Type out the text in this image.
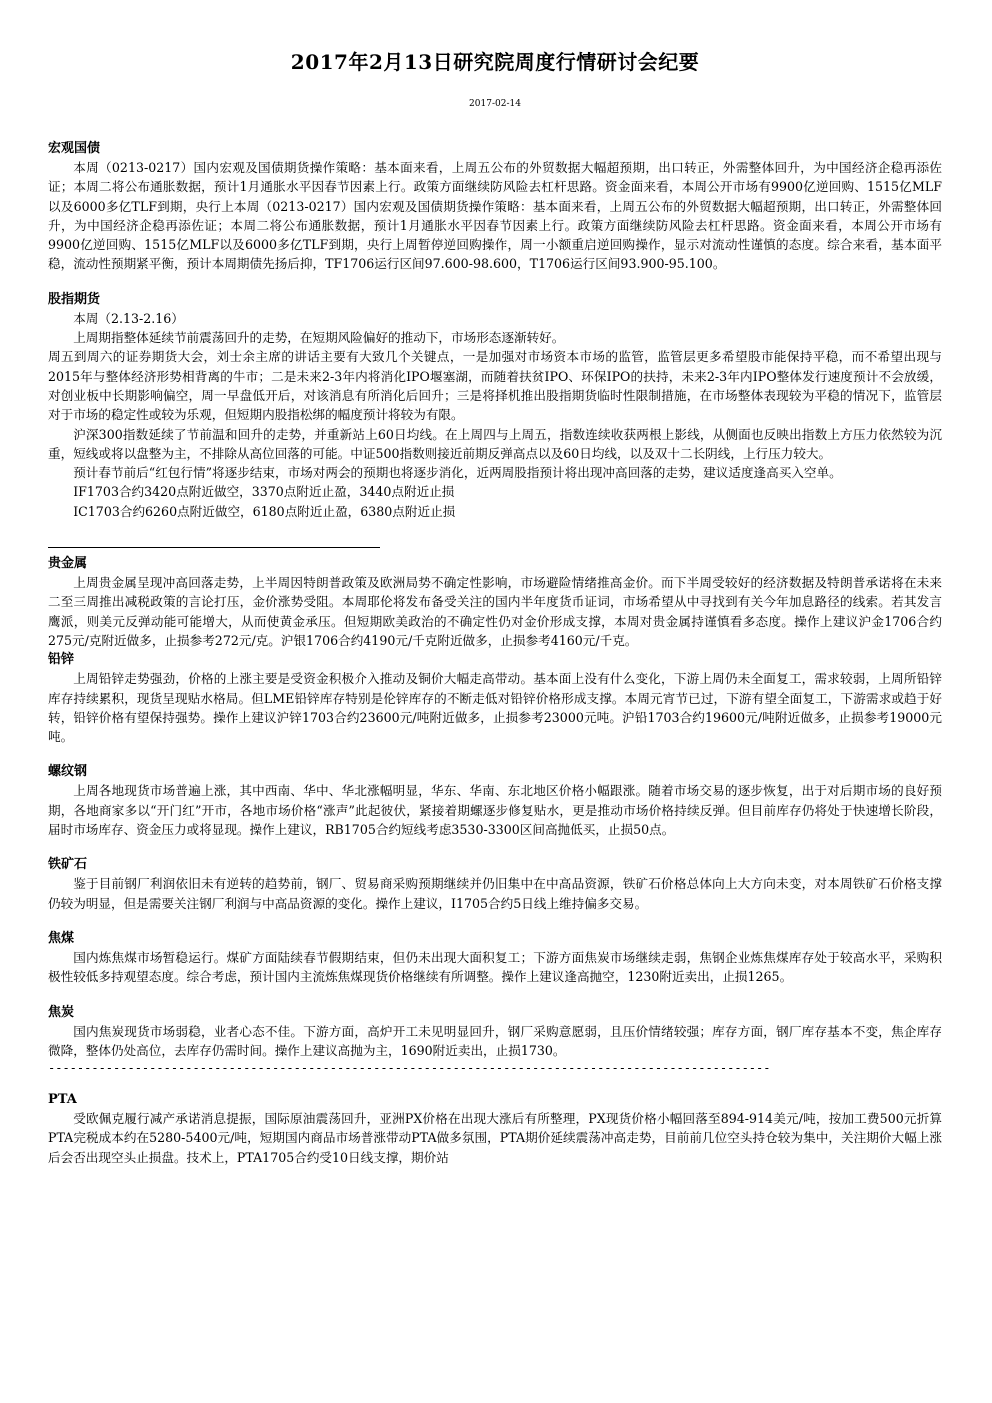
2017年2月13日研究院周度行情研讨会纪要
2017-02-14
宏观国债

本周（0213-0217）国内宏观及国债期货操作策略：基本面来看，上周五公布的外贸数据大幅超预期，出口转正，外需整体回升，为中国经济企稳再添佐证；本周二将公布通胀数据，预计1月通胀水平因春节因素上行。政策方面继续防风险去杠杆思路。资金面来看，本周公开市场有9900亿逆回购、1515亿MLF以及6000多亿TLF到期，央行上本周（0213-0217）国内宏观及国债期货操作策略：基本面来看，上周五公布的外贸数据大幅超预期，出口转正，外需整体回升，为中国经济企稳再添佐证；本周二将公布通胀数据，预计1月通胀水平因春节因素上行。政策方面继续防风险去杠杆思路。资金面来看，本周公开市场有9900亿逆回购、1515亿MLF以及6000多亿TLF到期，央行上周暂停逆回购操作，周一小额重启逆回购操作，显示对流动性谨慎的态度。综合来看，基本面平稳，流动性预期紧平衡，预计本周期债先扬后抑，TF1706运行区间97.600-98.600，T1706运行区间93.900-95.100。

股指期货

本周（2.13-2.16）

上周期指整体延续节前震荡回升的走势，在短期风险偏好的推动下，市场形态逐渐转好。

周五到周六的证券期货大会，刘士余主席的讲话主要有大致几个关键点，一是加强对市场资本市场的监管，监管层更多希望股市能保持平稳，而不希望出现与2015年与整体经济形势相背离的牛市；二是未来2-3年内将消化IPO堰塞湖，而随着扶贫IPO、环保IPO的扶持，未来2-3年内IPO整体发行速度预计不会放缓，对创业板中长期影响偏空，周一早盘低开后，对该消息有所消化后回升；三是将择机推出股指期货临时性限制措施，在市场整体表现较为平稳的情况下，监管层对于市场的稳定性或较为乐观，但短期内股指松绑的幅度预计将较为有限。

沪深300指数延续了节前温和回升的走势，并重新站上60日均线。在上周四与上周五，指数连续收获两根上影线，从侧面也反映出指数上方压力依然较为沉重，短线或将以盘整为主，不排除从高位回落的可能。中证500指数则接近前期反弹高点以及60日均线，以及双十二长阴线，上行压力较大。

预计春节前后“红包行情”将逐步结束，市场对两会的预期也将逐步消化，近两周股指预计将出现冲高回落的走势，建议适度逢高买入空单。

IF1703合约3420点附近做空，3370点附近止盈，3440点附近止损

IC1703合约6260点附近做空，6180点附近止盈，6380点附近止损

贵金属

上周贵金属呈现冲高回落走势，上半周因特朗普政策及欧洲局势不确定性影响，市场避险情绪推高金价。而下半周受较好的经济数据及特朗普承诺将在未来二至三周推出减税政策的言论打压，金价涨势受阻。本周耶伦将发布备受关注的国内半年度货币证词，市场希望从中寻找到有关今年加息路径的线索。若其发言鹰派，则美元反弹动能可能增大，从而使黄金承压。但短期欧美政治的不确定性仍对金价形成支撑，本周对贵金属持谨慎看多态度。操作上建议沪金1706合约275元/克附近做多，止损参考272元/克。沪银1706合约4190元/千克附近做多，止损参考4160元/千克。

铅锌

上周铅锌走势强劲，价格的上涨主要是受资金积极介入推动及铜价大幅走高带动。基本面上没有什么变化，下游上周仍未全面复工，需求较弱，上周所铅锌库存持续累积，现货呈现贴水格局。但LME铅锌库存特别是伦锌库存的不断走低对铅锌价格形成支撑。本周元宵节已过，下游有望全面复工，下游需求或趋于好转，铅锌价格有望保持强势。操作上建议沪锌1703合约23600元/吨附近做多，止损参考23000元吨。沪铅1703合约19600元/吨附近做多，止损参考19000元吨。

螺纹钢

上周各地现货市场普遍上涨，其中西南、华中、华北涨幅明显，华东、华南、东北地区价格小幅跟涨。随着市场交易的逐步恢复，出于对后期市场的良好预期，各地商家多以“开门红”开市，各地市场价格“涨声”此起彼伏，紧接着期螺逐步修复贴水，更是推动市场价格持续反弹。但目前库存仍将处于快速增长阶段，届时市场库存、资金压力或将显现。操作上建议，RB1705合约短线考虑3530-3300区间高抛低买，止损50点。

铁矿石

鉴于目前钢厂利润依旧未有逆转的趋势前，钢厂、贸易商采购预期继续并仍旧集中在中高品资源，铁矿石价格总体向上大方向未变，对本周铁矿石价格支撑仍较为明显，但是需要关注钢厂利润与中高品资源的变化。操作上建议，I1705合约5日线上维持偏多交易。

焦煤

国内炼焦煤市场暂稳运行。煤矿方面陆续春节假期结束，但仍未出现大面积复工；下游方面焦炭市场继续走弱，焦钢企业炼焦煤库存处于较高水平，采购积极性较低多持观望态度。综合考虑，预计国内主流炼焦煤现货价格继续有所调整。操作上建议逢高抛空，1230附近卖出，止损1265。

焦炭

国内焦炭现货市场弱稳，业者心态不佳。下游方面，高炉开工未见明显回升，钢厂采购意愿弱，且压价情绪较强；库存方面，钢厂库存基本不变，焦企库存微降，整体仍处高位，去库存仍需时间。操作上建议高抛为主，1690附近卖出，止损1730。

----------------------------------------------------------------------------------------------------
PTA

受欧佩克履行减产承诺消息提振，国际原油震荡回升，亚洲PX价格在出现大涨后有所整理，PX现货价格小幅回落至894-914美元/吨，按加工费500元折算PTA完税成本约在5280-5400元/吨，短期国内商品市场普涨带动PTA做多氛围，PTA期价延续震荡冲高走势，目前前几位空头持仓较为集中，关注期价大幅上涨后会否出现空头止损盘。技术上，PTA1705合约受10日线支撑，期价站
